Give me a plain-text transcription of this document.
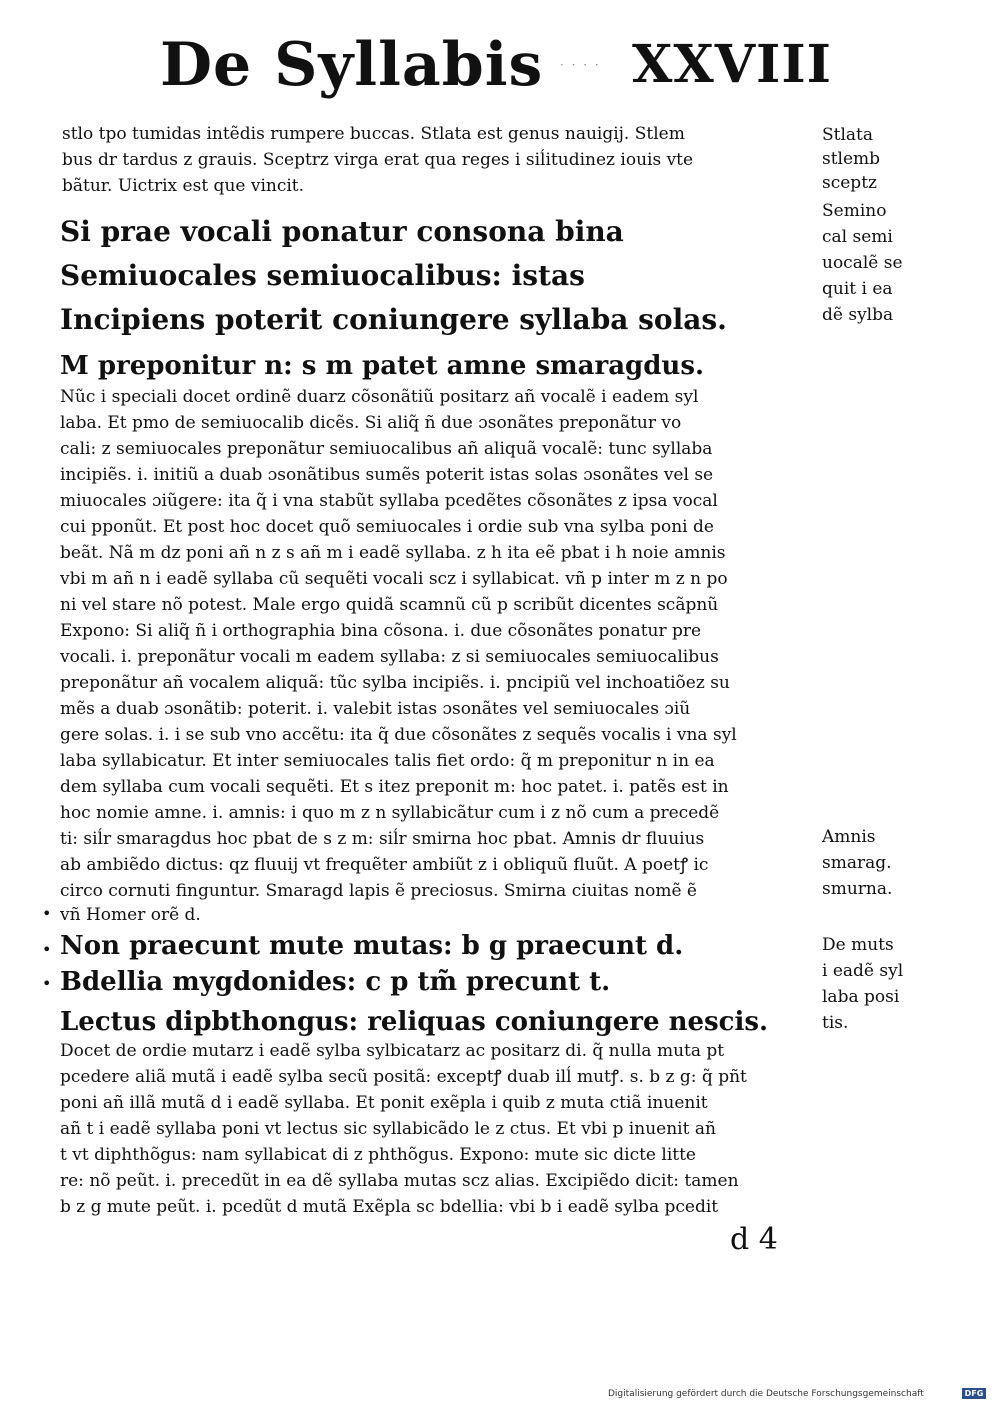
De Syllabis	· · · · XXVIII
stlo tpo tumidas intẽdis rumpere buccas. Stlata est genus nauigij. Stlem
bus dr tardus z grauis. Sceptrz virga erat qua reges i siĺitudinez iouis vte
bãtur. Uictrix est que vincit.
Si prae vocali ponatur consona bina
Semiuocales semiuocalibus: istas
Incipiens poterit coniungere syllaba solas.
M preponitur n: s m patet amne smaragdus.
Nũc i speciali docet ordinẽ duarz cõsonãtiũ positarz añ vocalẽ i eadem syl
laba. Et pmo de semiuocalib dicẽs. Si aliq̃ ñ due ɔsonãtes preponãtur vo
cali: z semiuocales preponãtur semiuocalibus añ aliquã vocalẽ: tunc syllaba
incipiẽs. i. initiũ a duab ɔsonãtibus sumẽs poterit istas solas ɔsonãtes vel se
miuocales ɔiũgere: ita q̃ i vna stabũt syllaba pcedẽtes cõsonãtes z ipsa vocal
cui pponũt. Et post hoc docet quõ semiuocales i ordie sub vna sylba poni de
beãt. Nã m dz poni añ n z s añ m i eadẽ syllaba. z h ita eẽ pbat i h noie amnis
vbi m añ n i eadẽ syllaba cũ sequẽti vocali scz i syllabicat. vñ p inter m z n po
ni vel stare nõ potest. Male ergo quidã scamnũ cũ p scribũt dicentes scãpnũ
Expono: Si aliq̃ ñ i orthographia bina cõsona. i. due cõsonãtes ponatur pre
vocali. i. preponãtur vocali m eadem syllaba: z si semiuocales semiuocalibus
preponãtur añ vocalem aliquã: tũc sylba incipiẽs. i. pncipiũ vel inchoatiõez su
mẽs a duab ɔsonãtib: poterit. i. valebit istas ɔsonãtes vel semiuocales ɔiũ
gere solas. i. i se sub vno accẽtu: ita q̃ due cõsonãtes z sequẽs vocalis i vna syl
laba syllabicatur. Et inter semiuocales talis fiet ordo: q̃ m preponitur n in ea
dem syllaba cum vocali sequẽti. Et s itez preponit m: hoc patet. i. patẽs est in
hoc nomie amne. i. amnis: i quo m z n syllabicãtur cum i z nõ cum a precedẽ
ti: siĺr smaragdus hoc pbat de s z m: siĺr smirna hoc pbat. Amnis dr fluuius
ab ambiẽdo dictus: qz fluuij vt frequẽter ambiũt z i obliquũ fluũt. A poetꝭ ic
circo cornuti finguntur. Smaragd lapis ẽ preciosus. Smirna ciuitas nomẽ ẽ
• vñ Homer orẽ d.
• Non praecunt mute mutas: b g praecunt d.
• Bdellia mygdonides: c p tm̃ precunt t.
Lectus dipbthongus: reliquas coniungere nescis.
Docet de ordie mutarz i eadẽ sylba sylbicatarz ac positarz di. q̃ nulla muta pt
pcedere aliã mutã i eadẽ sylba secũ positã: exceptꝭ duab ilĺ mutꝭ. s. b z g: q̃ pñt
poni añ illã mutã d i eadẽ syllaba. Et ponit exẽpla i quib z muta ctiã inuenit
añ t i eadẽ syllaba poni vt lectus sic syllabicãdo le z ctus. Et vbi p inuenit añ
t vt diphthõgus: nam syllabicat di z phthõgus. Expono: mute sic dicte litte
re: nõ peũt. i. precedũt in ea dẽ syllaba mutas scz alias. Excipiẽdo dicit: tamen
b z g mute peũt. i. pcedũt d mutã Exẽpla sc bdellia: vbi b i eadẽ sylba pcedit
d 4
Stlata
stlemb
sceptz
Semino
cal semi
uocalẽ se
quit i ea
dẽ sylba
Amnis
smarag.
smurna.
De muts
i eadẽ syl
laba posi
tis.
Digitalisierung gefördert durch die Deutsche Forschungsgemeinschaft	DFG
